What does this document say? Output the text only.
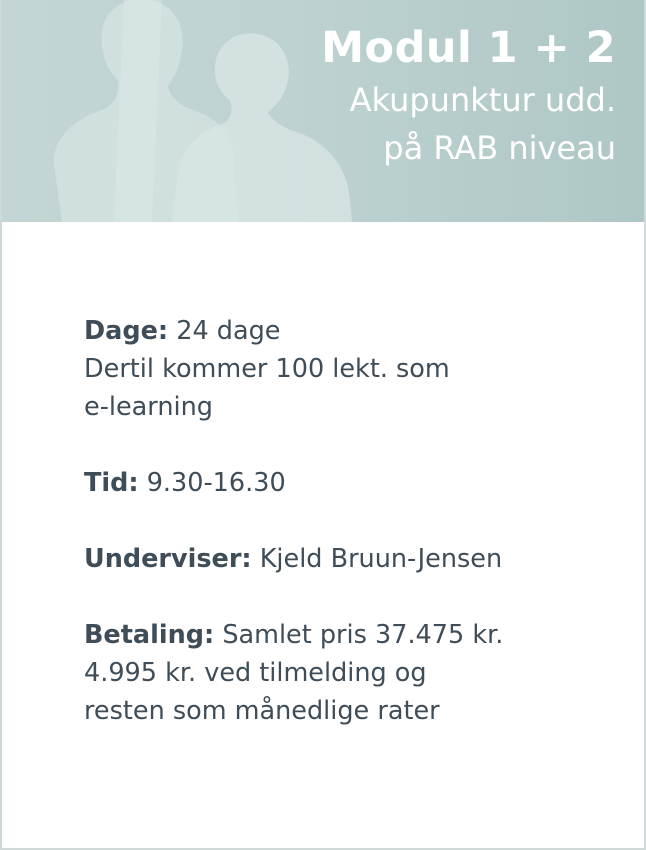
Modul 1 + 2
Akupunktur udd.
på RAB niveau

Dage: 24 dage
Dertil kommer 100 lekt. som
e-learning

Tid: 9.30-16.30

Underviser: Kjeld Bruun-Jensen

Betaling: Samlet pris 37.475 kr.
4.995 kr. ved tilmelding og
resten som månedlige rater
